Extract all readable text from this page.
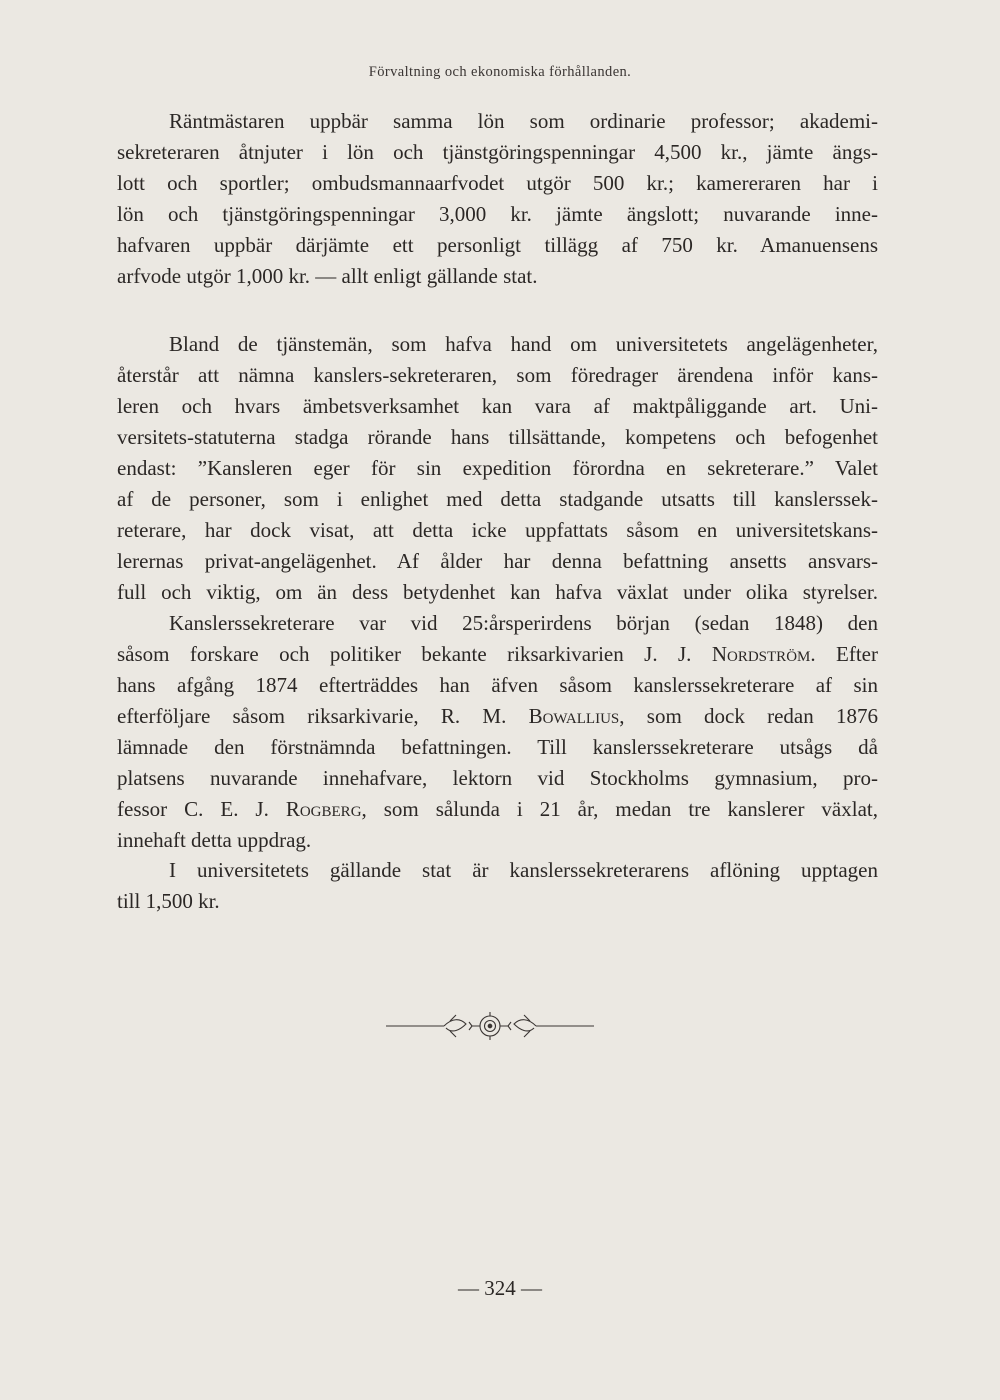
Förvaltning och ekonomiska förhållanden.
Räntmästaren uppbär samma lön som ordinarie professor; akademi-
sekreteraren åtnjuter i lön och tjänstgöringspenningar 4,500 kr., jämte ängs-
lott och sportler; ombudsmannaarfvodet utgör 500 kr.; kamereraren har i
lön och tjänstgöringspenningar 3,000 kr. jämte ängslott; nuvarande inne-
hafvaren uppbär därjämte ett personligt tillägg af 750 kr. Amanuensens
arfvode utgör 1,000 kr. — allt enligt gällande stat.
Bland de tjänstemän, som hafva hand om universitetets angelägenheter,
återstår att nämna kanslers-sekreteraren, som föredrager ärendena inför kans-
leren och hvars ämbetsverksamhet kan vara af maktpåliggande art. Uni-
versitets-statuterna stadga rörande hans tillsättande, kompetens och befogenhet
endast: ”Kansleren eger för sin expedition förordna en sekreterare.” Valet
af de personer, som i enlighet med detta stadgande utsatts till kanslerssek-
reterare, har dock visat, att detta icke uppfattats såsom en universitetskans-
lerernas privat-angelägenhet. Af ålder har denna befattning ansetts ansvars-
full och viktig, om än dess betydenhet kan hafva växlat under olika styrelser.
Kanslerssekreterare var vid 25:årsperirdens början (sedan 1848) den
såsom forskare och politiker bekante riksarkivarien J. J. Nordström. Efter
hans afgång 1874 efterträddes han äfven såsom kanslerssekreterare af sin
efterföljare såsom riksarkivarie, R. M. Bowallius, som dock redan 1876
lämnade den förstnämnda befattningen. Till kanslerssekreterare utsågs då
platsens nuvarande innehafvare, lektorn vid Stockholms gymnasium, pro-
fessor C. E. J. Rogberg, som sålunda i 21 år, medan tre kanslerer växlat,
innehaft detta uppdrag.
I universitetets gällande stat är kanslerssekreterarens aflöning upptagen
till 1,500 kr.
— 324 —
